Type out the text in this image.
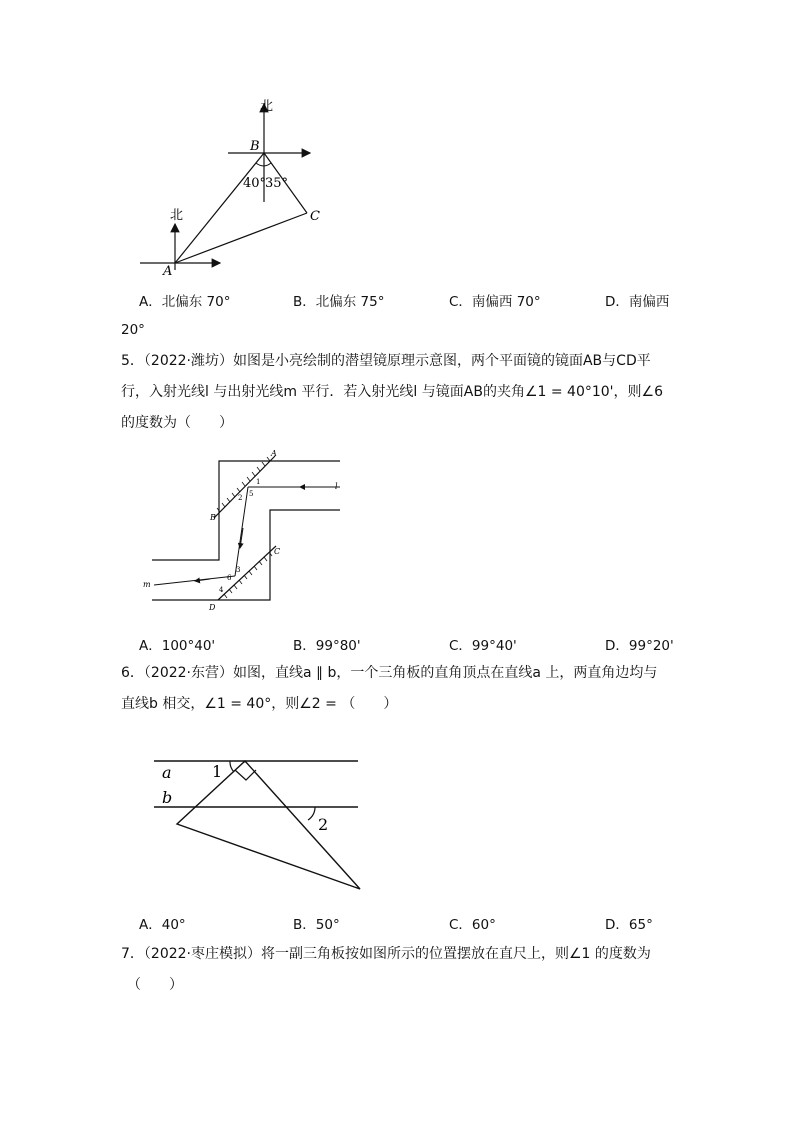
北
北
B
A
C
40°
35°
A．北偏东 70°	B．北偏东 75°	C．南偏西 70°	D．南偏西
20°
5．（2022·潍坊）如图是小亮绘制的潜望镜原理示意图，两个平面镜的镜面AB与CD平
行，入射光线l 与出射光线m 平行．若入射光线l 与镜面AB的夹角∠1 = 40°10'，则∠6
的度数为（　　）
A
B
C
D
l
m
1
2 5
3
6
4
A．100°40'	B．99°80'	C．99°40'	D．99°20'
6．（2022·东营）如图，直线a ∥ b，一个三角板的直角顶点在直线a 上，两直角边均与
直线b 相交，∠1 = 40°，则∠2 = （　　）
a
b
1
2
A．40°	B．50°	C．60°	D．65°
7．（2022·枣庄模拟）将一副三角板按如图所示的位置摆放在直尺上，则∠1 的度数为
（　　）
